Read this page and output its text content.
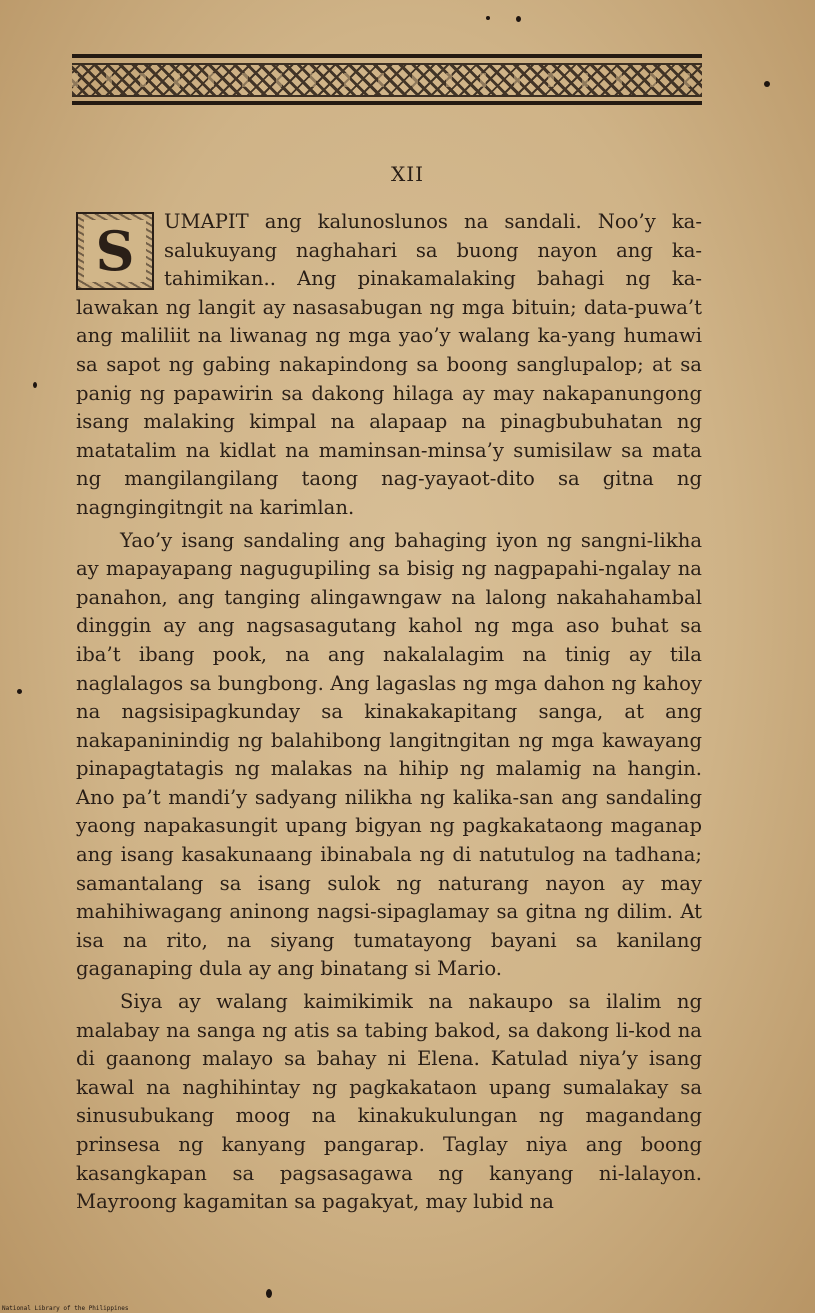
XII

S	UMAPIT ang kalunoslunos na sandali. Noo’y ka-salukuyang naghahari sa buong nayon ang ka-tahimikan.. Ang pinakamalaking bahagi ng ka-lawakan ng langit ay nasasabugan ng mga bituin; data-puwa’t ang maliliit na liwanag ng mga yao’y walang ka-yang humawi sa sapot ng gabing nakapindong sa boong sanglupalop; at sa panig ng papawirin sa dakong hilaga ay may nakapanungong isang malaking kimpal na alapaap na pinagbubuhatan ng matatalim na kidlat na maminsan-minsa’y sumisilaw sa mata ng mangilangilang taong nag-yayaot-dito sa gitna ng nagngingitngit na karimlan.

Yao’y isang sandaling ang bahaging iyon ng sangni-likha ay mapayapang nagugupiling sa bisig ng nagpapahi-ngalay na panahon, ang tanging alingawngaw na lalong nakahahambal dinggin ay ang nagsasagutang kahol ng mga aso buhat sa iba’t ibang pook, na ang nakalalagim na tinig ay tila naglalagos sa bungbong. Ang lagaslas ng mga dahon ng kahoy na nagsisipagkunday sa kinakakapitang sanga, at ang nakapaninindig ng balahibong langitngitan ng mga kawayang pinapagtatagis ng malakas na hihip ng malamig na hangin. Ano pa’t mandi’y sadyang nilikha ng kalika-san ang sandaling yaong napakasungit upang bigyan ng pagkakataong maganap ang isang kasakunaang ibinabala ng di natutulog na tadhana; samantalang sa isang sulok ng naturang nayon ay may mahihiwagang aninong nagsi-sipaglamay sa gitna ng dilim. At isa na rito, na siyang tumatayong bayani sa kanilang gaganaping dula ay ang binatang si Mario.

Siya ay walang kaimikimik na nakaupo sa ilalim ng malabay na sanga ng atis sa tabing bakod, sa dakong li-kod na di gaanong malayo sa bahay ni Elena. Katulad niya’y isang kawal na naghihintay ng pagkakataon upang sumalakay sa sinusubukang moog na kinakukulungan ng magandang prinsesa ng kanyang pangarap. Taglay niya ang boong kasangkapan sa pagsasagawa ng kanyang ni-lalayon. Mayroong kagamitan sa pagakyat, may lubid na

National Library of the Philippines
